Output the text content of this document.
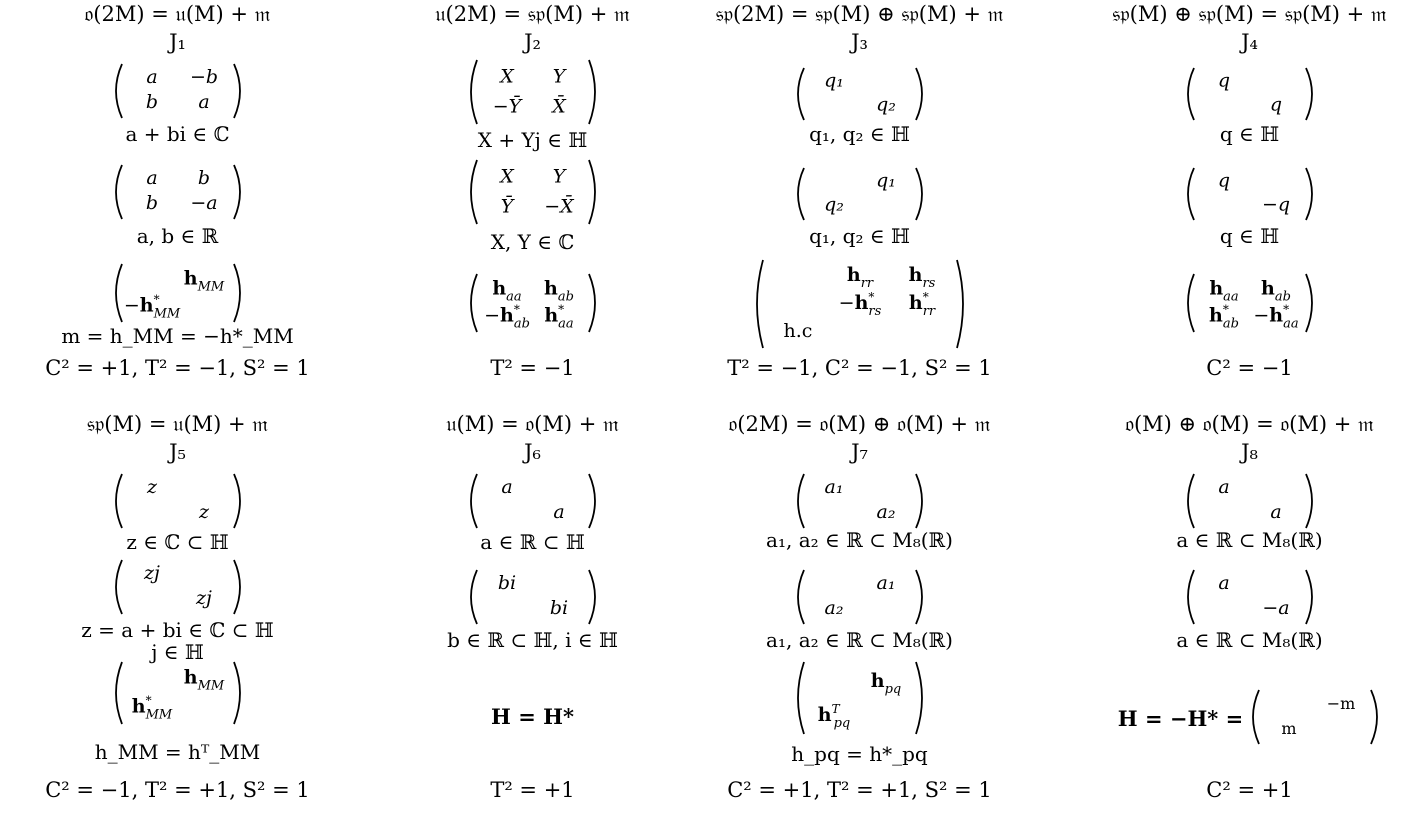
𝔬(2M) = 𝔲(M) + 𝔪
J₁
a −b
b a
a + bi ∈ ℂ
a b
b −a
a, b ∈ ℝ
$h_{MM}$
−h* MM
m = h_MM = −h*_MM
C² = +1, T² = −1, S² = 1
𝔲(2M) = 𝔰𝔭(M) + 𝔪
J₂
X Y
−Ȳ X̄
X + Yj ∈ ℍ
X Y
Ȳ −X̄
X, Y ∈ ℂ
$h_{aa}$ $h_{ab}$
−h* ab h* aa
T² = −1
𝔰𝔭(2M) = 𝔰𝔭(M) ⊕ 𝔰𝔭(M) + 𝔪
J₃
q₁
q₂
q₁, q₂ ∈ ℍ
q₁
q₂
q₁, q₂ ∈ ℍ
$h_{rr}$ $h_{rs}$
−h* rs h* rr
h.c
T² = −1, C² = −1, S² = 1
𝔰𝔭(M) ⊕ 𝔰𝔭(M) = 𝔰𝔭(M) + 𝔪
J₄
q
q
q ∈ ℍ
q
−q
q ∈ ℍ
$h_{aa}$ $h_{ab}$
h* ab −h* aa
C² = −1
𝔰𝔭(M) = 𝔲(M) + 𝔪
J₅
z
z
z ∈ ℂ ⊂ ℍ
zj
zj
z = a + bi ∈ ℂ ⊂ ℍ
j ∈ ℍ
$h_{MM}$
h* MM
h_MM = hᵀ_MM
C² = −1, T² = +1, S² = 1
𝔲(M) = 𝔬(M) + 𝔪
J₆
a
a
a ∈ ℝ ⊂ ℍ
bi
bi
b ∈ ℝ ⊂ ℍ, i ∈ ℍ
H = H*
T² = +1
𝔬(2M) = 𝔬(M) ⊕ 𝔬(M) + 𝔪
J₇
a₁
a₂
a₁, a₂ ∈ ℝ ⊂ M₈(ℝ)
a₁
a₂
a₁, a₂ ∈ ℝ ⊂ M₈(ℝ)
$h_{pq}$
$h^T$ pq
h_pq = h*_pq
C² = +1, T² = +1, S² = 1
𝔬(M) ⊕ 𝔬(M) = 𝔬(M) + 𝔪
J₈
a
a
a ∈ ℝ ⊂ M₈(ℝ)
a
−a
a ∈ ℝ ⊂ M₈(ℝ)
H = −H* =
−m
m
C² = +1
